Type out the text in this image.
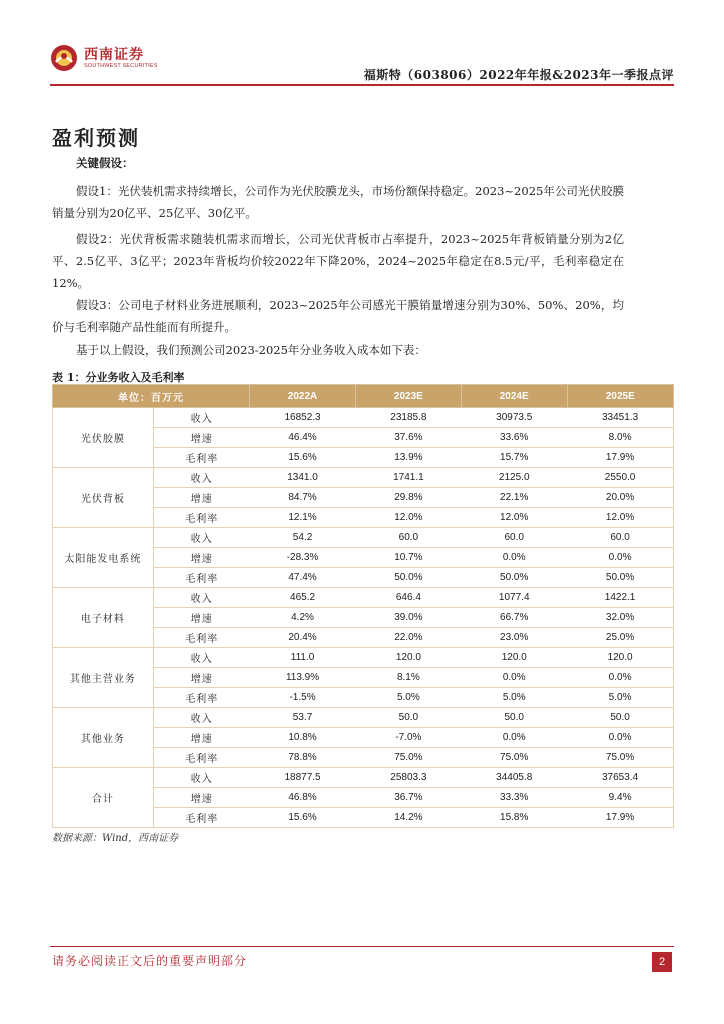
西南证券
SOUTHWEST SECURITIES
福斯特（603806）2022年年报&2023年一季报点评
盈利预测
关键假设：
假设1：光伏装机需求持续增长，公司作为光伏胶膜龙头，市场份额保持稳定。2023~2025年公司光伏胶膜销量分别为20亿平、25亿平、30亿平。
假设2：光伏背板需求随装机需求而增长，公司光伏背板市占率提升，2023~2025年背板销量分别为2亿平、2.5亿平、3亿平；2023年背板均价较2022年下降20%，2024~2025年稳定在8.5元/平，毛利率稳定在12%。
假设3：公司电子材料业务进展顺利，2023~2025年公司感光干膜销量增速分别为30%、50%、20%，均价与毛利率随产品性能而有所提升。
基于以上假设，我们预测公司2023-2025年分业务收入成本如下表：
表 1：分业务收入及毛利率
单位：百万元		2022A	2023E	2024E	2025E
光伏胶膜	收入	16852.3	23185.8	30973.5	33451.3
	增速	46.4%	37.6%	33.6%	8.0%
	毛利率	15.6%	13.9%	15.7%	17.9%
光伏背板	收入	1341.0	1741.1	2125.0	2550.0
	增速	84.7%	29.8%	22.1%	20.0%
	毛利率	12.1%	12.0%	12.0%	12.0%
太阳能发电系统	收入	54.2	60.0	60.0	60.0
	增速	-28.3%	10.7%	0.0%	0.0%
	毛利率	47.4%	50.0%	50.0%	50.0%
电子材料	收入	465.2	646.4	1077.4	1422.1
	增速	4.2%	39.0%	66.7%	32.0%
	毛利率	20.4%	22.0%	23.0%	25.0%
其他主营业务	收入	111.0	120.0	120.0	120.0
	增速	113.9%	8.1%	0.0%	0.0%
	毛利率	-1.5%	5.0%	5.0%	5.0%
其他业务	收入	53.7	50.0	50.0	50.0
	增速	10.8%	-7.0%	0.0%	0.0%
	毛利率	78.8%	75.0%	75.0%	75.0%
合计	收入	18877.5	25803.3	34405.8	37653.4
	增速	46.8%	36.7%	33.3%	9.4%
	毛利率	15.6%	14.2%	15.8%	17.9%
数据来源：Wind，西南证券
请务必阅读正文后的重要声明部分	2
